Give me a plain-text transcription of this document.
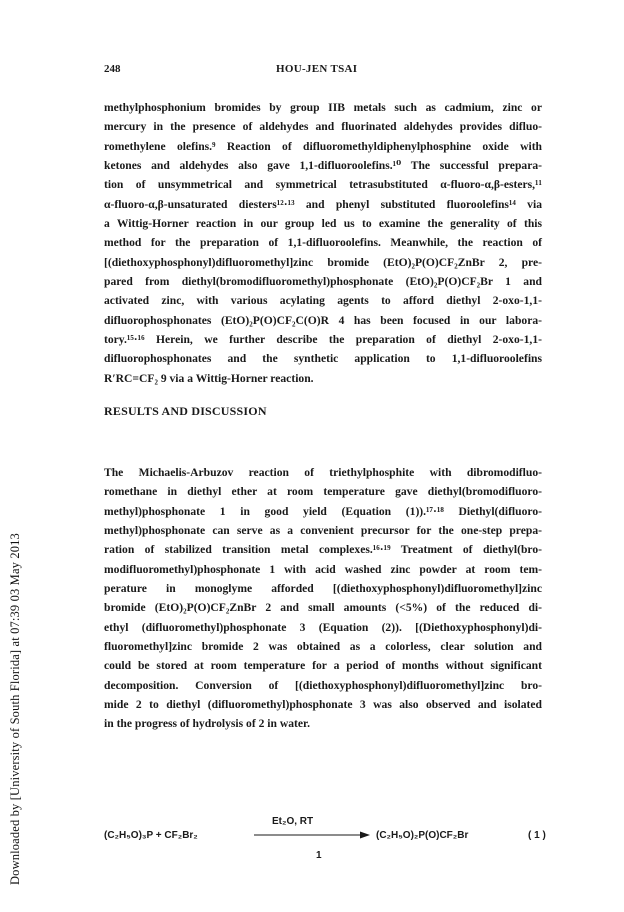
Downloaded by [University of South Florida] at 07:39 03 May 2013
248	HOU-JEN TSAI
methylphosphonium bromides by group IIB metals such as cadmium, zinc or
mercury in the presence of aldehydes and fluorinated aldehydes provides difluo-
romethylene olefins.⁹ Reaction of difluoromethyldiphenylphosphine oxide with
ketones and aldehydes also gave 1,1-difluoroolefins.¹⁰ The successful prepara-
tion of unsymmetrical and symmetrical tetrasubstituted α-fluoro-α,β-esters,¹¹
α-fluoro-α,β-unsaturated diesters¹²·¹³ and phenyl substituted fluoroolefins¹⁴ via
a Wittig-Horner reaction in our group led us to examine the generality of this
method for the preparation of 1,1-difluoroolefins. Meanwhile, the reaction of
[(diethoxyphosphonyl)difluoromethyl]zinc bromide (EtO)₂P(O)CF₂ZnBr 2, pre-
pared from diethyl(bromodifluoromethyl)phosphonate (EtO)₂P(O)CF₂Br 1 and
activated zinc, with various acylating agents to afford diethyl 2-oxo-1,1-
difluorophosphonates (EtO)₂P(O)CF₂C(O)R 4 has been focused in our labora-
tory.¹⁵·¹⁶ Herein, we further describe the preparation of diethyl 2-oxo-1,1-
difluorophosphonates and the synthetic application to 1,1-difluoroolefins
R′RC=CF₂ 9 via a Wittig-Horner reaction.
RESULTS AND DISCUSSION
The Michaelis-Arbuzov reaction of triethylphosphite with dibromodifluo-
romethane in diethyl ether at room temperature gave diethyl(bromodifluoro-
methyl)phosphonate 1 in good yield (Equation (1)).¹⁷·¹⁸ Diethyl(difluoro-
methyl)phosphonate can serve as a convenient precursor for the one-step prepa-
ration of stabilized transition metal complexes.¹⁶·¹⁹ Treatment of diethyl(bro-
modifluoromethyl)phosphonate 1 with acid washed zinc powder at room tem-
perature in monoglyme afforded [(diethoxyphosphonyl)difluoromethyl]zinc
bromide (EtO)₂P(O)CF₂ZnBr 2 and small amounts (<5%) of the reduced di-
ethyl (difluoromethyl)phosphonate 3 (Equation (2)). [(Diethoxyphosphonyl)di-
fluoromethyl]zinc bromide 2 was obtained as a colorless, clear solution and
could be stored at room temperature for a period of months without significant
decomposition. Conversion of [(diethoxyphosphonyl)difluoromethyl]zinc bro-
mide 2 to diethyl (difluoromethyl)phosphonate 3 was also observed and isolated
in the progress of hydrolysis of 2 in water.
(C₂H₅O)₃P + CF₂Br₂
Et₂O, RT
(C₂H₅O)₂P(O)CF₂Br	( 1 )
1
